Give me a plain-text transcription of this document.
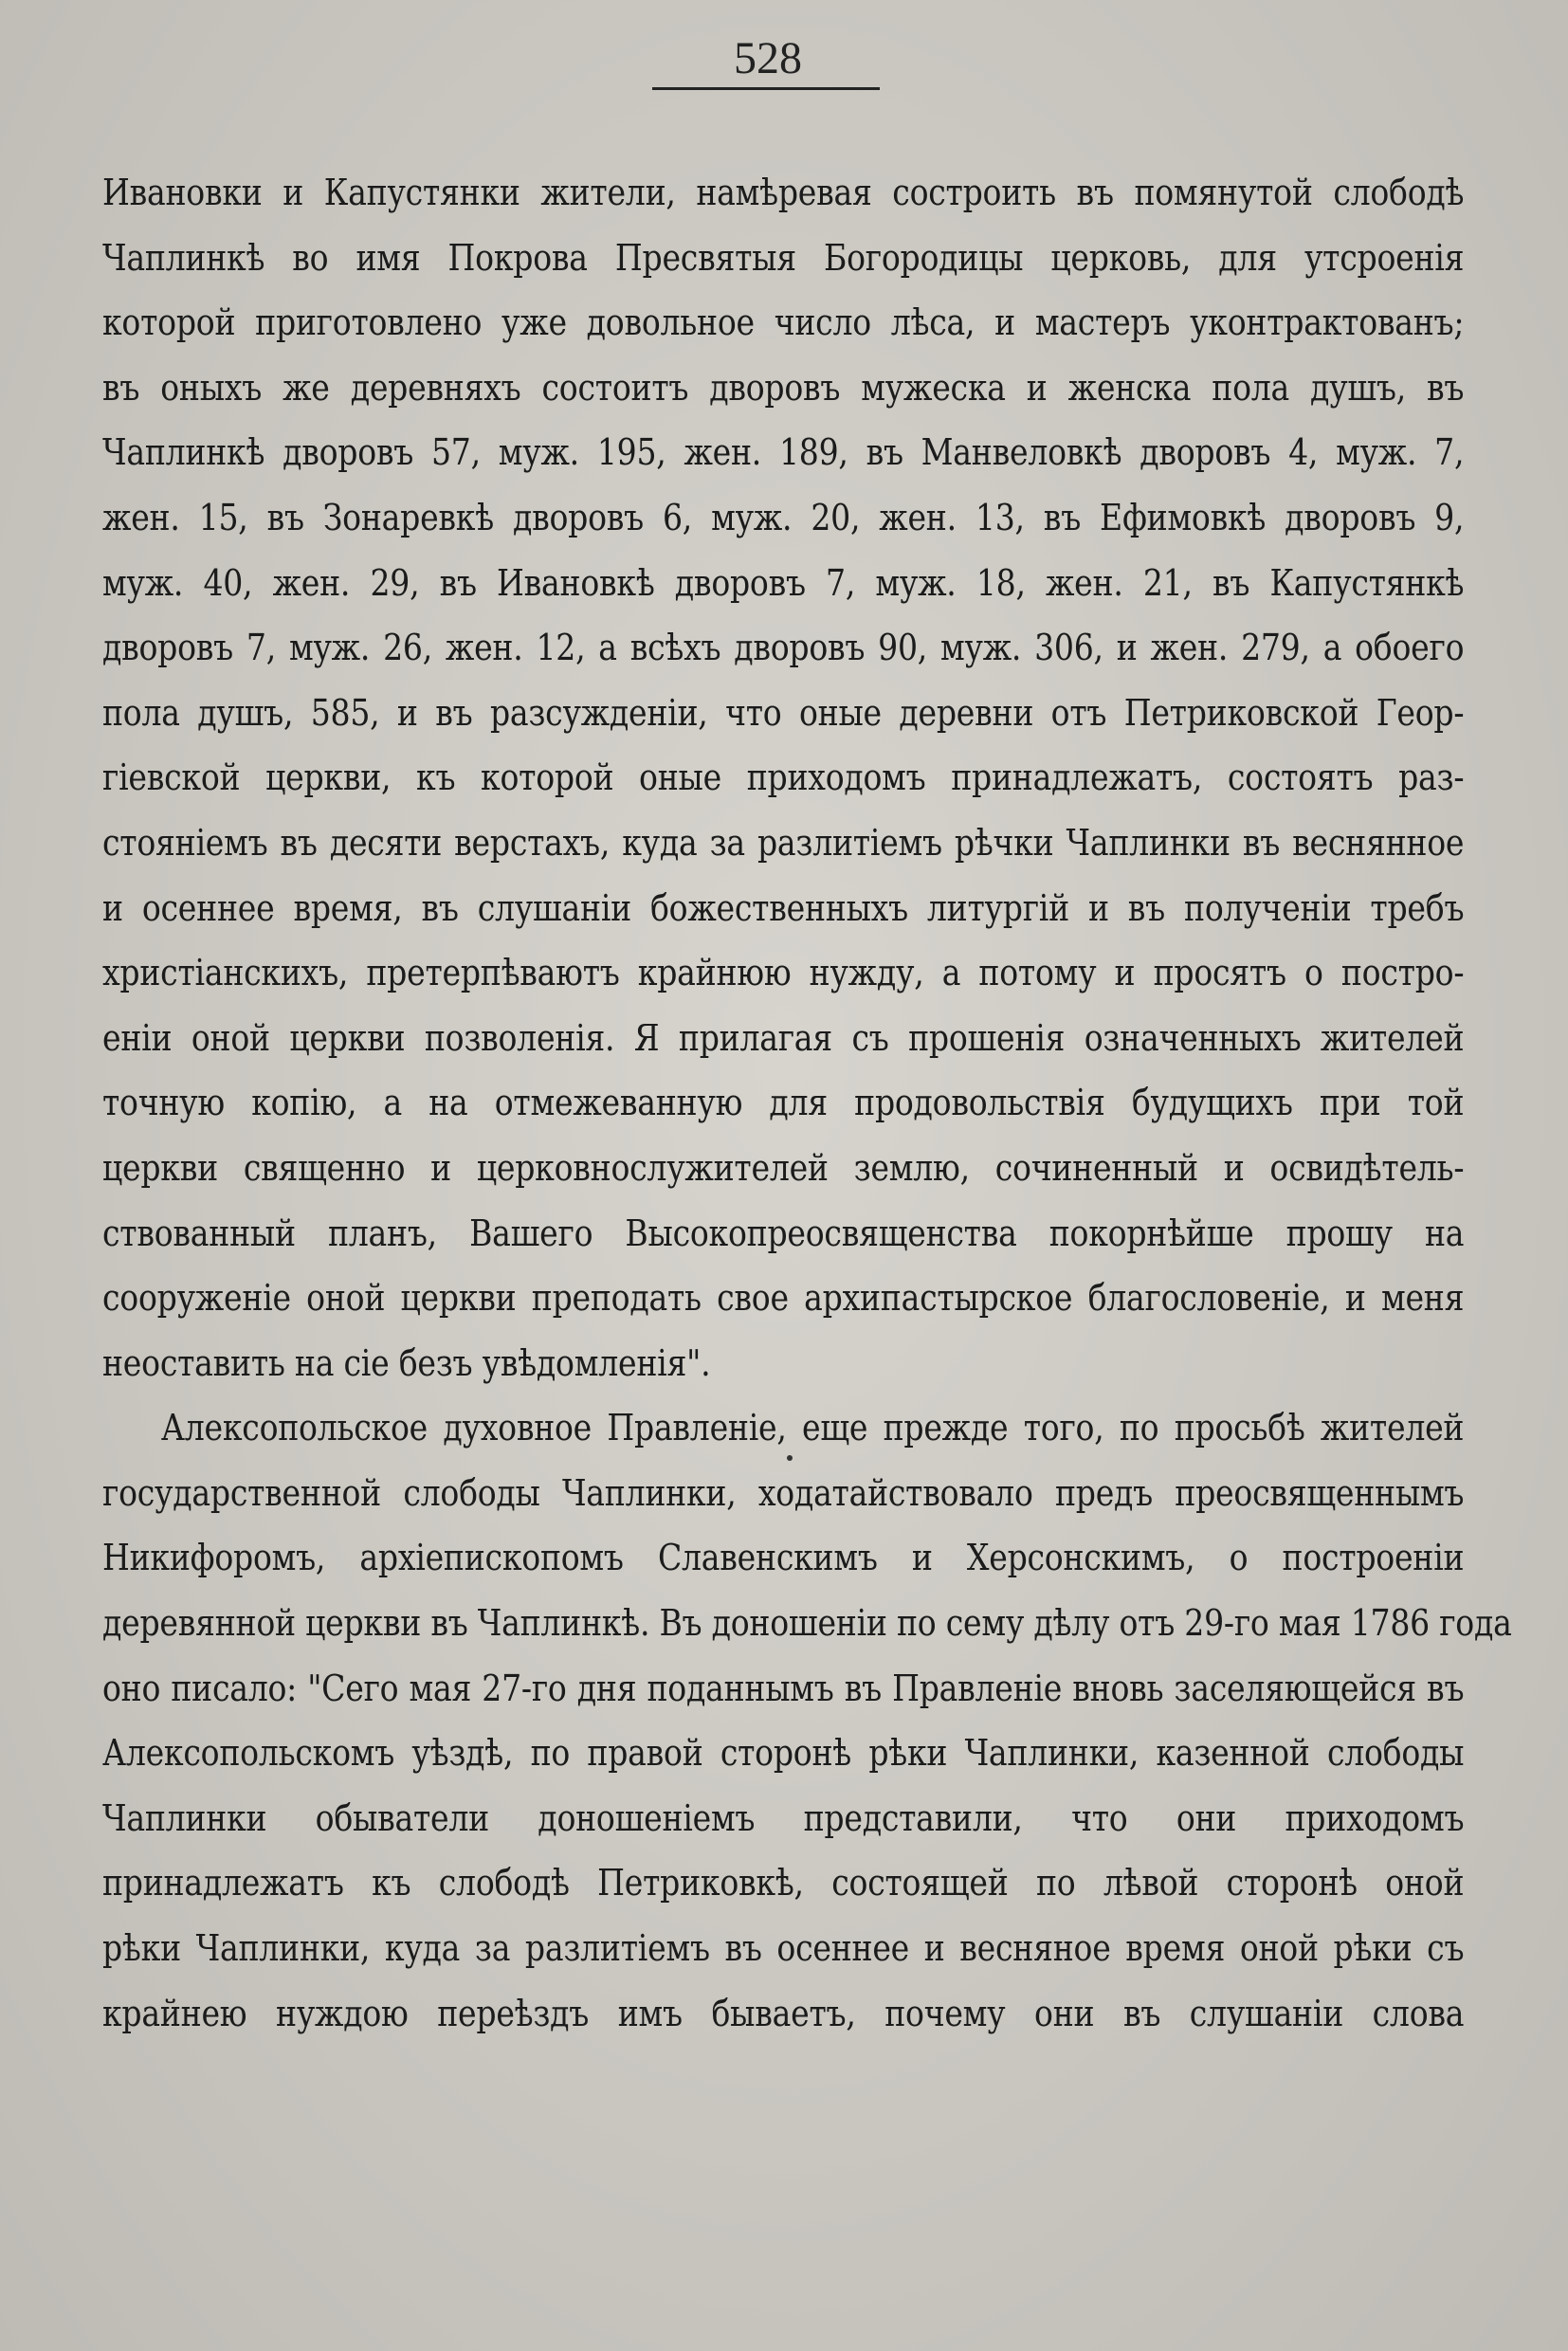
528
Ивановки и Капустянки жители, намѣревая состроить въ помянутой слободѣ
Чаплинкѣ во имя Покрова Пресвятыя Богородицы церковь, для утсроенія
которой приготовлено уже довольное число лѣса, и мастеръ уконтрактованъ;
въ оныхъ же деревняхъ состоитъ дворовъ мужеска и женска пола душъ, въ
Чаплинкѣ дворовъ 57, муж. 195, жен. 189, въ Манвеловкѣ дворовъ 4, муж. 7,
жен. 15, въ Зонаревкѣ дворовъ 6, муж. 20, жен. 13, въ Ефимовкѣ дворовъ 9,
муж. 40, жен. 29, въ Ивановкѣ дворовъ 7, муж. 18, жен. 21, въ Капустянкѣ
дворовъ 7, муж. 26, жен. 12, а всѣхъ дворовъ 90, муж. 306, и жен. 279, а обоего
пола душъ, 585, и въ разсужденіи, что оные деревни отъ Петриковской Геор-
гіевской церкви, къ которой оные приходомъ принадлежатъ, состоятъ раз-
стояніемъ въ десяти верстахъ, куда за разлитіемъ рѣчки Чаплинки въ веснянное
и осеннее время, въ слушаніи божественныхъ литургій и въ полученіи требъ
христіанскихъ, претерпѣваютъ крайнюю нужду, а потому и просятъ о постро-
еніи оной церкви позволенія. Я прилагая съ прошенія означенныхъ жителей
точную копію, а на отмежеванную для продовольствія будущихъ при той
церкви священно и церковнослужителей землю, сочиненный и освидѣтель-
ствованный планъ, Вашего Высокопреосвященства покорнѣйше прошу на
сооруженіе оной церкви преподать свое архипастырское благословеніе, и меня
неоставить на сіе безъ увѣдомленія".
Алексопольское духовное Правленіе, еще прежде того, по просьбѣ жителей
государственной слободы Чаплинки, ходатайствовало предъ преосвященнымъ
Никифоромъ, архіепископомъ Славенскимъ и Херсонскимъ, о построеніи
деревянной церкви въ Чаплинкѣ. Въ доношеніи по сему дѣлу отъ 29-го мая 1786 года
оно писало: "Сего мая 27-го дня поданнымъ въ Правленіе вновь заселяющейся въ
Алексопольскомъ уѣздѣ, по правой сторонѣ рѣки Чаплинки, казенной слободы
Чаплинки обыватели доношеніемъ представили, что они приходомъ
принадлежатъ къ слободѣ Петриковкѣ, состоящей по лѣвой сторонѣ оной
рѣки Чаплинки, куда за разлитіемъ въ осеннее и весняное время оной рѣки съ
крайнею нуждою переѣздъ имъ бываетъ, почему они въ слушаніи слова
